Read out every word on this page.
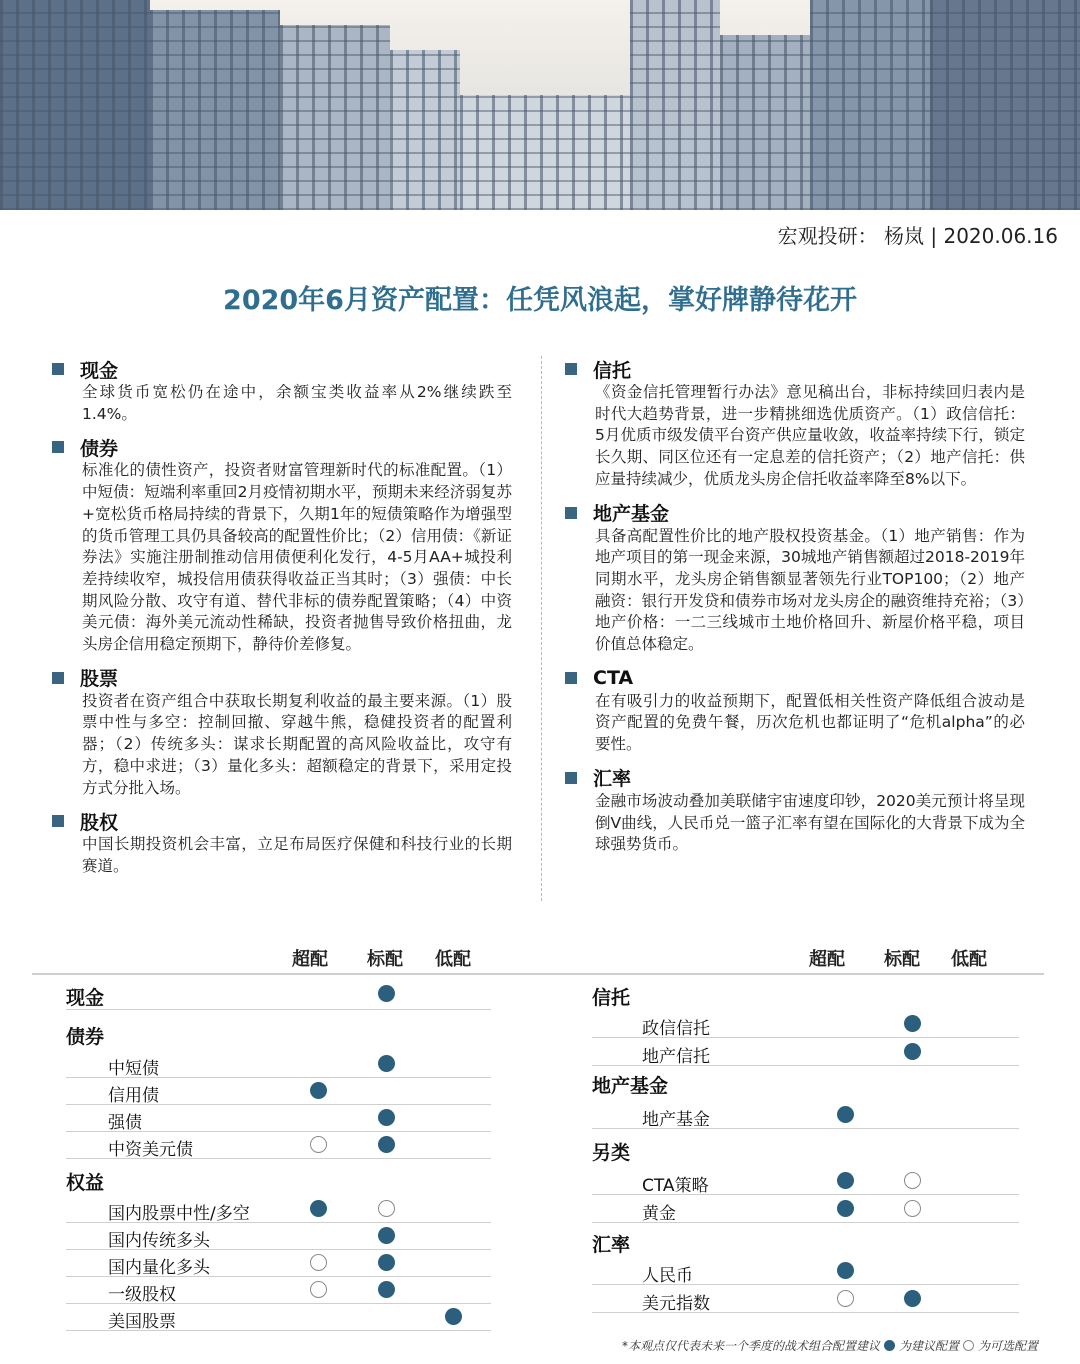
宏观投研： 杨岚 | 2020.06.16
2020年6月资产配置：任凭风浪起，掌好牌静待花开
现金
全球货币宽松仍在途中，余额宝类收益率从2%继续跌至1.4%。
债券
标准化的债性资产，投资者财富管理新时代的标准配置。（1）中短债：短端利率重回2月疫情初期水平，预期未来经济弱复苏+宽松货币格局持续的背景下，久期1年的短债策略作为增强型的货币管理工具仍具备较高的配置性价比；（2）信用债：《新证券法》实施注册制推动信用债便利化发行，4-5月AA+城投利差持续收窄，城投信用债获得收益正当其时；（3）强债：中长期风险分散、攻守有道、替代非标的债券配置策略；（4）中资美元债：海外美元流动性稀缺，投资者抛售导致价格扭曲，龙头房企信用稳定预期下，静待价差修复。
股票
投资者在资产组合中获取长期复利收益的最主要来源。（1）股票中性与多空：控制回撤、穿越牛熊，稳健投资者的配置利器；（2）传统多头：谋求长期配置的高风险收益比，攻守有方，稳中求进；（3）量化多头：超额稳定的背景下，采用定投方式分批入场。
股权
中国长期投资机会丰富，立足布局医疗保健和科技行业的长期赛道。
信托
《资金信托管理暂行办法》意见稿出台，非标持续回归表内是时代大趋势背景，进一步精挑细选优质资产。（1）政信信托：5月优质市级发债平台资产供应量收敛，收益率持续下行，锁定长久期、同区位还有一定息差的信托资产；（2）地产信托：供应量持续减少，优质龙头房企信托收益率降至8%以下。
地产基金
具备高配置性价比的地产股权投资基金。（1）地产销售：作为地产项目的第一现金来源，30城地产销售额超过2018-2019年同期水平，龙头房企销售额显著领先行业TOP100；（2）地产融资：银行开发贷和债券市场对龙头房企的融资维持充裕；（3）地产价格：一二三线城市土地价格回升、新屋价格平稳，项目价值总体稳定。
CTA
在有吸引力的收益预期下，配置低相关性资产降低组合波动是资产配置的免费午餐，历次危机也都证明了“危机alpha”的必要性。
汇率
金融市场波动叠加美联储宇宙速度印钞，2020美元预计将呈现倒V曲线，人民币兑一篮子汇率有望在国际化的大背景下成为全球强势货币。
超配 标配 低配	超配 标配 低配
现金
债券
权益
信托
地产基金
另类
汇率
中短债
信用债
强债
中资美元债
国内股票中性/多空
国内传统多头
国内量化多头
一级股权
美国股票
政信信托
地产信托
地产基金
CTA策略
黄金
人民币
美元指数
*本观点仅代表未来一个季度的战术组合配置建议 为建议配置 为可选配置
